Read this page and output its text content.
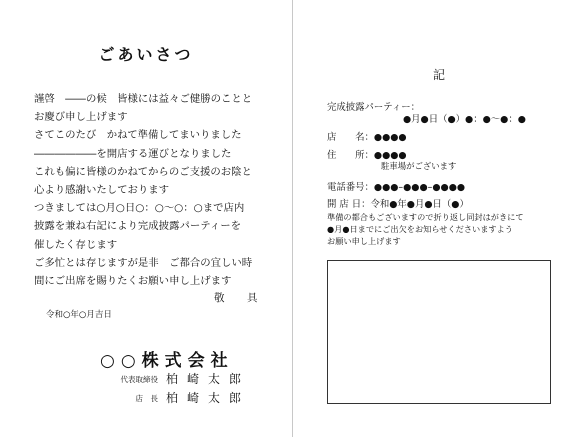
ごあいさつ
謹啓　――の候　皆様には益々ご健勝のことと
お慶び申し上げます
さてこのたび　かねて準備してまいりました
――――――を開店する運びとなりました
これも偏に皆様のかねてからのご支援のお陰と
心より感謝いたしております
つきましては○月○日○：○～○：○まで店内
披露を兼ね右記により完成披露パーティーを
催したく存じます
ご多忙とは存じますが是非　ご都合の宜しい時
間にご出席を賜りたくお願い申し上げます
敬　具
令和○年○月吉日
○○株式会社
代表取締役 柏崎太郎
店　長 柏崎太郎
記
完成披露パーティー：
●月●日（●）●：●～●：●
店　　名：●●●●
住　　所：●●●●
駐車場がございます
電話番号：●●●–●●●–●●●●
開 店 日：令和●年●月●日（●）
準備の都合もございますので折り返し同封はがきにて
●月●日までにご出欠をお知らせくださいますよう
お願い申し上げます
